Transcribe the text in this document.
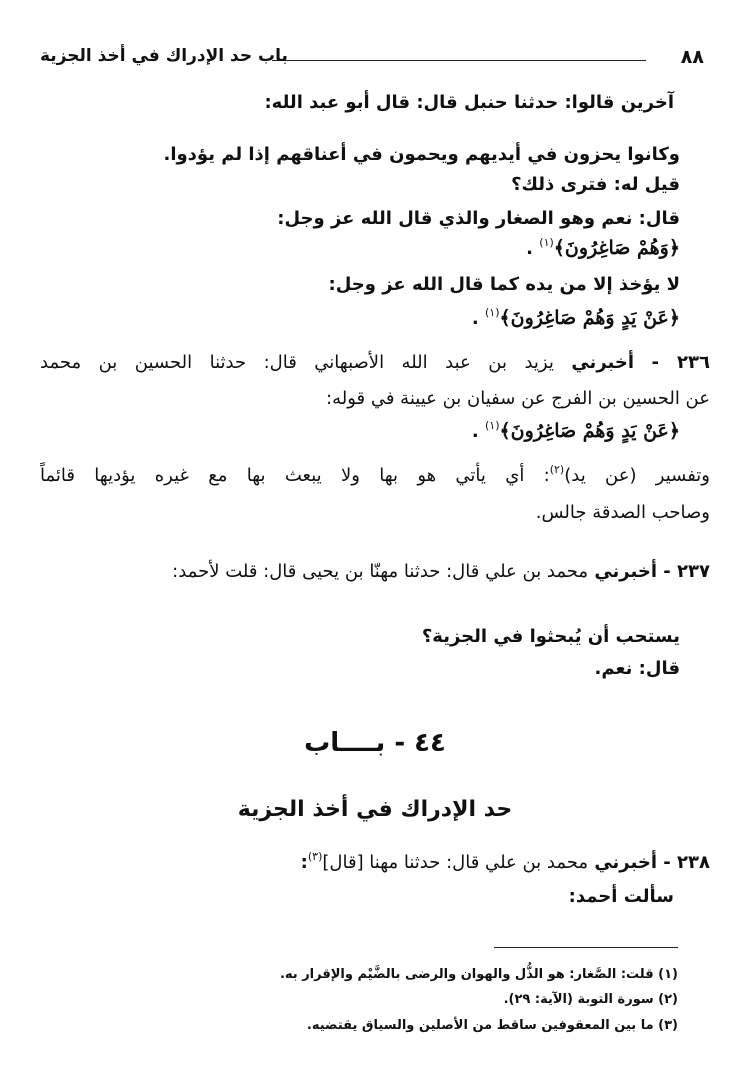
٨٨
باب حد الإدراك في أخذ الجزية
آخرين قالوا: حدثنا حنبل قال: قال أبو عبد الله:
وكانوا يحزون في أيديهم ويحمون في أعناقهم إذا لم يؤدوا.
قيل له: فترى ذلك؟
قال: نعم وهو الصغار والذي قال الله عز وجل:
﴿وَهُمْ صَاغِرُونَ﴾$^{(١)}$ .
لا يؤخذ إلا من يده كما قال الله عز وجل:
﴿عَنْ يَدٍ وَهُمْ صَاغِرُونَ﴾$^{(١)}$ .
٢٣٦ - أخبرني يزيد بن عبد الله الأصبهاني قال: حدثنا الحسين بن محمد
عن الحسين بن الفرج عن سفيان بن عيينة في قوله:
﴿عَنْ يَدٍ وَهُمْ صَاغِرُونَ﴾$^{(١)}$ .
وتفسير (عن يد)$^{(٢)}$: أي يأتي هو بها ولا يبعث بها مع غيره يؤديها قائماً
وصاحب الصدقة جالس.
٢٣٧ - أخبرني محمد بن علي قال: حدثنا مهنّا بن يحيى قال: قلت لأحمد:
يستحب أن يُبحثوا في الجزية؟
قال: نعم.
٤٤ - بــــاب
حد الإدراك في أخذ الجزية
٢٣٨ - أخبرني محمد بن علي قال: حدثنا مهنا [قال]$^{(٣)}$:
سألت أحمد:
(١) قلت: الصَّغار: هو الذُّل والهوان والرضى بالضَّيْم والإقرار به.
(٢) سورة التوبة (الآية: ٢٩).
(٣) ما بين المعقوفين ساقط من الأصلين والسياق يقتضيه.
